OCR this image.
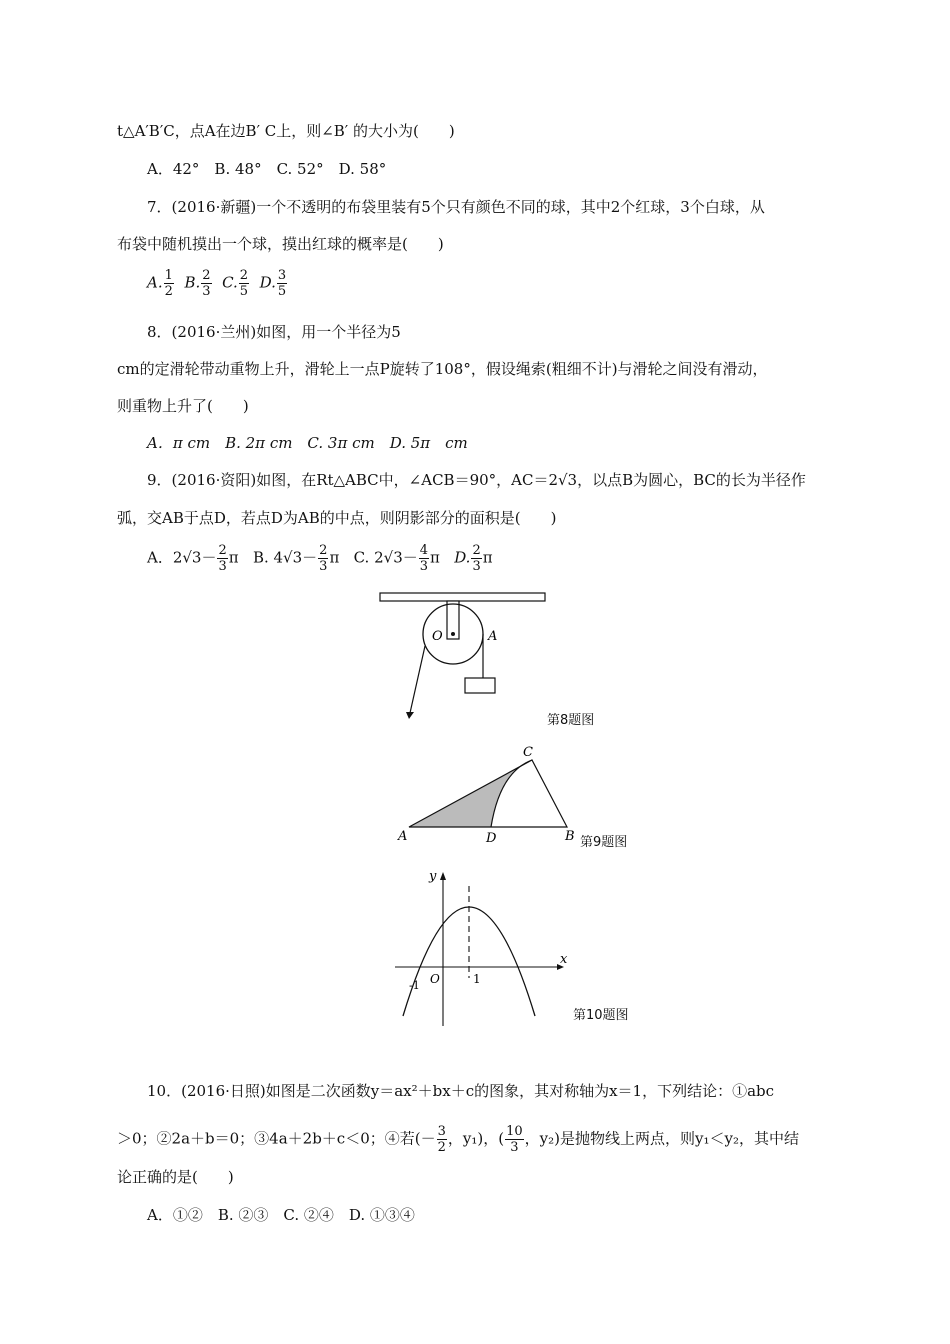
t△A′B′C，点A在边B′ C上，则∠B′ 的大小为(　　)
A．42°　B. 48°　C. 52°　D. 58°
7．(2016·新疆)一个不透明的布袋里装有5个只有颜色不同的球，其中2个红球，3个白球，从
布袋中随机摸出一个球，摸出红球的概率是(　　)
A. $\frac{1}{2} B$. $\frac{2}{3} C$. $\frac{2}{5} D$. $\frac{3}{5}$
8．(2016·兰州)如图，用一个半径为5
cm的定滑轮带动重物上升，滑轮上一点P旋转了108°，假设绳索(粗细不计)与滑轮之间没有滑动，
则重物上升了(　　)
A．π cm　B. 2π cm　C. 3π cm　D. 5π　cm
9．(2016·资阳)如图，在Rt△ABC中，∠ACB＝90°，AC＝2√3，以点B为圆心，BC的长为半径作
弧，交AB于点D，若点D为AB的中点，则阴影部分的面积是(　　)
A．$2√3- \frac{2}{3}$ π B. $4√3- \frac{2}{3}$ π C. $2√3- \frac{4}{3}$ π D. $\frac{2}{3}$ π
O	A
第8题图
A	B
C
D	第9题图
y
x
O
-1	1
第10题图
10．(2016·日照)如图是二次函数y＝ax²＋bx＋c的图象，其对称轴为x＝1，下列结论：①abc
＞0；②2a＋b＝0；③4a＋2b＋c＜0；④若(－ $\frac{3}{2}$ ，y₁)，( $\frac{10}{3}$ ，y₂)是抛物线上两点，则y₁＜y₂，其中结
论正确的是(　　)
A．①②　B. ②③　C. ②④　D. ①③④
